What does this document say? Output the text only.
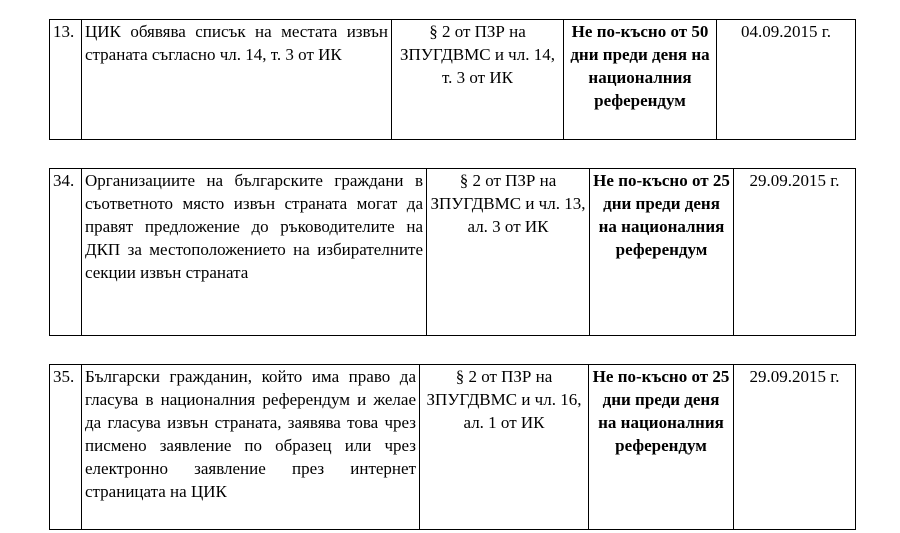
13.	ЦИК обявява списък на местата извън страната съгласно чл. 14, т. 3 от ИК	§ 2 от ПЗР на ЗПУГДВМС и чл. 14, т. 3 от ИК	Не по-късно от 50 дни преди деня на националния референдум	04.09.2015 г.
34.	Организациите на българските граждани в съответното място извън страната могат да правят предложение до ръководителите на ДКП за местоположението на избирателните секции извън страната	§ 2 от ПЗР на ЗПУГДВМС и чл. 13, ал. 3 от ИК	Не по-късно от 25 дни преди деня на националния референдум	29.09.2015 г.
35.	Български гражданин, който има право да гласува в националния референдум и желае да гласува извън страната, заявява това чрез писмено заявление по образец или чрез електронно заявление през интернет страницата на ЦИК	§ 2 от ПЗР на ЗПУГДВМС и чл. 16, ал. 1 от ИК	Не по-късно от 25 дни преди деня на националния референдум	29.09.2015 г.
